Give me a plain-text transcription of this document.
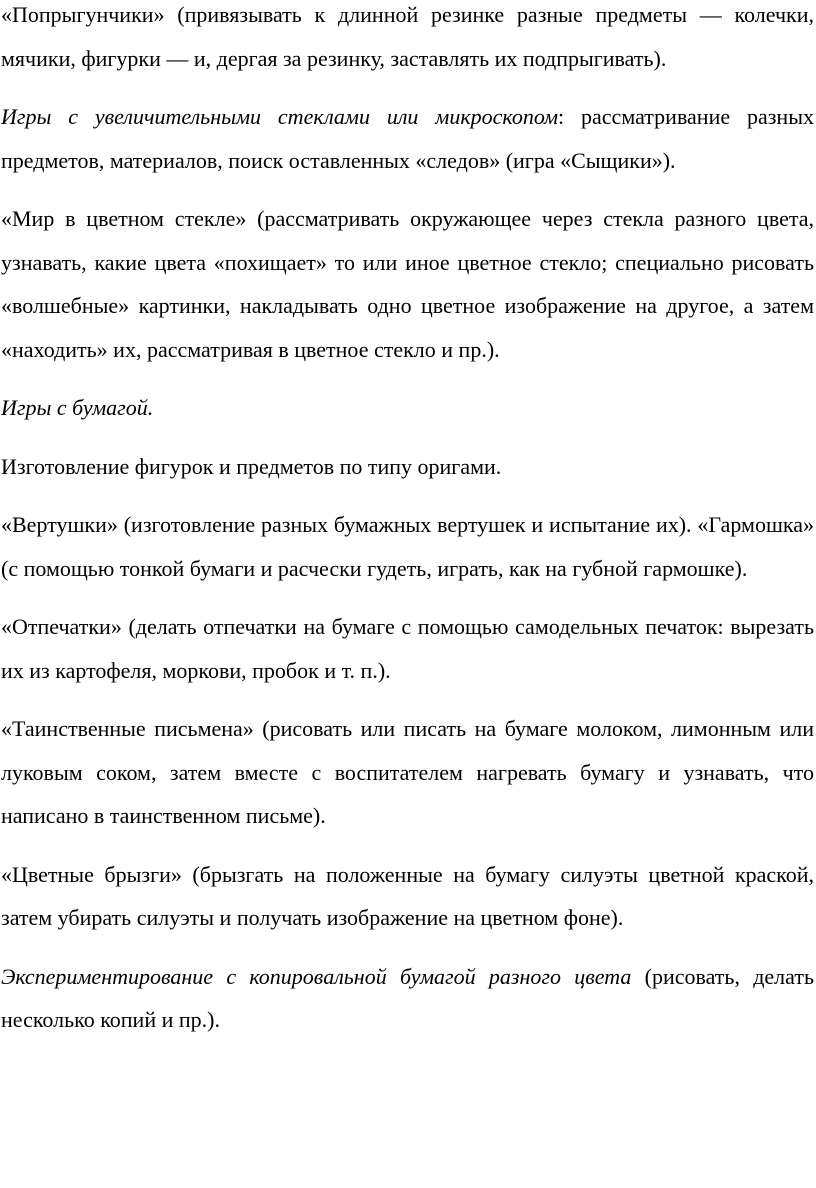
«Попрыгунчики» (привязывать к длинной резинке разные предметы — колечки, мячики, фигурки — и, дергая за резинку, заставлять их подпрыгивать).

Игры с увеличительными стеклами или микроскопом: рассматривание разных предметов, материалов, поиск оставленных «следов» (игра «Сыщики»).

«Мир в цветном стекле» (рассматривать окружающее через стекла разного цвета, узнавать, какие цвета «похищает» то или иное цветное стекло; специально рисовать «волшебные» картинки, накладывать одно цветное изображение на другое, а затем «находить» их, рассматривая в цветное стекло и пр.).

Игры с бумагой.

Изготовление фигурок и предметов по типу оригами.

«Вертушки» (изготовление разных бумажных вертушек и испытание их). «Гармошка» (с помощью тонкой бумаги и расчески гудеть, играть, как на губной гармошке).

«Отпечатки» (делать отпечатки на бумаге с помощью самодельных печаток: вырезать их из картофеля, моркови, пробок и т. п.).

«Таинственные письмена» (рисовать или писать на бумаге молоком, лимонным или луковым соком, затем вместе с воспитателем нагревать бумагу и узнавать, что написано в таинственном письме).

«Цветные брызги» (брызгать на положенные на бумагу силуэты цветной краской, затем убирать силуэты и получать изображение на цветном фоне).

Экспериментирование с копировальной бумагой разного цвета (рисовать, делать несколько копий и пр.).
